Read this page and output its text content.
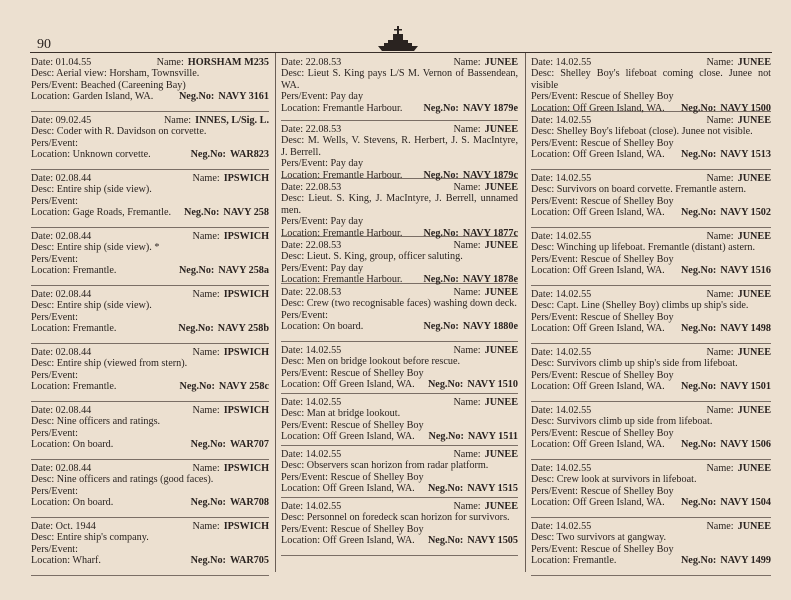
90
Date: 01.04.55	Name: HORSHAM M235
Desc: Aerial view: Horsham, Townsville.
Pers/Event: Beached (Careening Bay)
Location: Garden Island, WA.	Neg.No: NAVY 3161
Date: 09.02.45	Name: INNES, L/Sig. L.
Desc: Coder with R. Davidson on corvette.
Pers/Event:
Location: Unknown corvette.	Neg.No: WAR823
Date: 02.08.44	Name: IPSWICH
Desc: Entire ship (side view).
Pers/Event:
Location: Gage Roads, Fremantle. Neg.No: NAVY 258
Date: 02.08.44	Name: IPSWICH
Desc: Entire ship (side view). *
Pers/Event:
Location: Fremantle.	Neg.No: NAVY 258a
Date: 02.08.44	Name: IPSWICH
Desc: Entire ship (side view).
Pers/Event:
Location: Fremantle.	Neg.No: NAVY 258b
Date: 02.08.44	Name: IPSWICH
Desc: Entire ship (viewed from stern).
Pers/Event:
Location: Fremantle.	Neg.No: NAVY 258c
Date: 02.08.44	Name: IPSWICH
Desc: Nine officers and ratings.
Pers/Event:
Location: On board.	Neg.No: WAR707
Date: 02.08.44	Name: IPSWICH
Desc: Nine officers and ratings (good faces).
Pers/Event:
Location: On board.	Neg.No: WAR708
Date: Oct. 1944	Name: IPSWICH
Desc: Entire ship's company.
Pers/Event:
Location: Wharf.	Neg.No: WAR705
Date: 22.08.53	Name: JUNEE
Desc: Lieut S. King pays L/S M. Vernon of Bassendean, WA.
Pers/Event: Pay day
Location: Fremantle Harbour. Neg.No: NAVY 1879e
Date: 22.08.53	Name: JUNEE
Desc: M. Wells, V. Stevens, R. Herbert, J. S. MacIntyre, J. Berrell.
Pers/Event: Pay day
Location: Fremantle Harbour. Neg.No: NAVY 1879c
Date: 22.08.53	Name: JUNEE
Desc: Lieut. S. King, J. MacIntyre, J. Berrell, unnamed men.
Pers/Event: Pay day
Location: Fremantle Harbour. Neg.No: NAVY 1877c
Date: 22.08.53	Name: JUNEE
Desc: Lieut. S. King, group, officer saluting.
Pers/Event: Pay day
Location: Fremantle Harbour. Neg.No: NAVY 1878e
Date: 22.08.53	Name: JUNEE
Desc: Crew (two recognisable faces) washing down deck.
Pers/Event:
Location: On board.	Neg.No: NAVY 1880e
Date: 14.02.55	Name: JUNEE
Desc: Men on bridge lookout before rescue.
Pers/Event: Rescue of Shelley Boy
Location: Off Green Island, WA. Neg.No: NAVY 1510
Date: 14.02.55	Name: JUNEE
Desc: Man at bridge lookout.
Pers/Event: Rescue of Shelley Boy
Location: Off Green Island, WA. Neg.No: NAVY 1511
Date: 14.02.55	Name: JUNEE
Desc: Observers scan horizon from radar platform.
Pers/Event: Rescue of Shelley Boy
Location: Off Green Island, WA. Neg.No: NAVY 1515
Date: 14.02.55	Name: JUNEE
Desc: Personnel on foredeck scan horizon for survivors.
Pers/Event: Rescue of Shelley Boy
Location: Off Green Island, WA. Neg.No: NAVY 1505
Date: 14.02.55	Name: JUNEE
Desc: Shelley Boy's lifeboat coming close. Junee not visible
Pers/Event: Rescue of Shelley Boy
Location: Off Green Island, WA. Neg.No: NAVY 1500
Date: 14.02.55	Name: JUNEE
Desc: Shelley Boy's lifeboat (close). Junee not visible.
Pers/Event: Rescue of Shelley Boy
Location: Off Green Island, WA. Neg.No: NAVY 1513
Date: 14.02.55	Name: JUNEE
Desc: Survivors on board corvette. Fremantle astern.
Pers/Event: Rescue of Shelley Boy
Location: Off Green Island, WA. Neg.No: NAVY 1502
Date: 14.02.55	Name: JUNEE
Desc: Winching up lifeboat. Fremantle (distant) astern.
Pers/Event: Rescue of Shelley Boy
Location: Off Green Island, WA. Neg.No: NAVY 1516
Date: 14.02.55	Name: JUNEE
Desc: Capt. Line (Shelley Boy) climbs up ship's side.
Pers/Event: Rescue of Shelley Boy
Location: Off Green Island, WA. Neg.No: NAVY 1498
Date: 14.02.55	Name: JUNEE
Desc: Survivors climb up ship's side from lifeboat.
Pers/Event: Rescue of Shelley Boy
Location: Off Green Island, WA. Neg.No: NAVY 1501
Date: 14.02.55	Name: JUNEE
Desc: Survivors climb up side from lifeboat.
Pers/Event: Rescue of Shelley Boy
Location: Off Green Island, WA. Neg.No: NAVY 1506
Date: 14.02.55	Name: JUNEE
Desc: Crew look at survivors in lifeboat.
Pers/Event: Rescue of Shelley Boy
Location: Off Green Island, WA. Neg.No: NAVY 1504
Date: 14.02.55	Name: JUNEE
Desc: Two survivors at gangway.
Pers/Event: Rescue of Shelley Boy
Location: Fremantle.	Neg.No: NAVY 1499
